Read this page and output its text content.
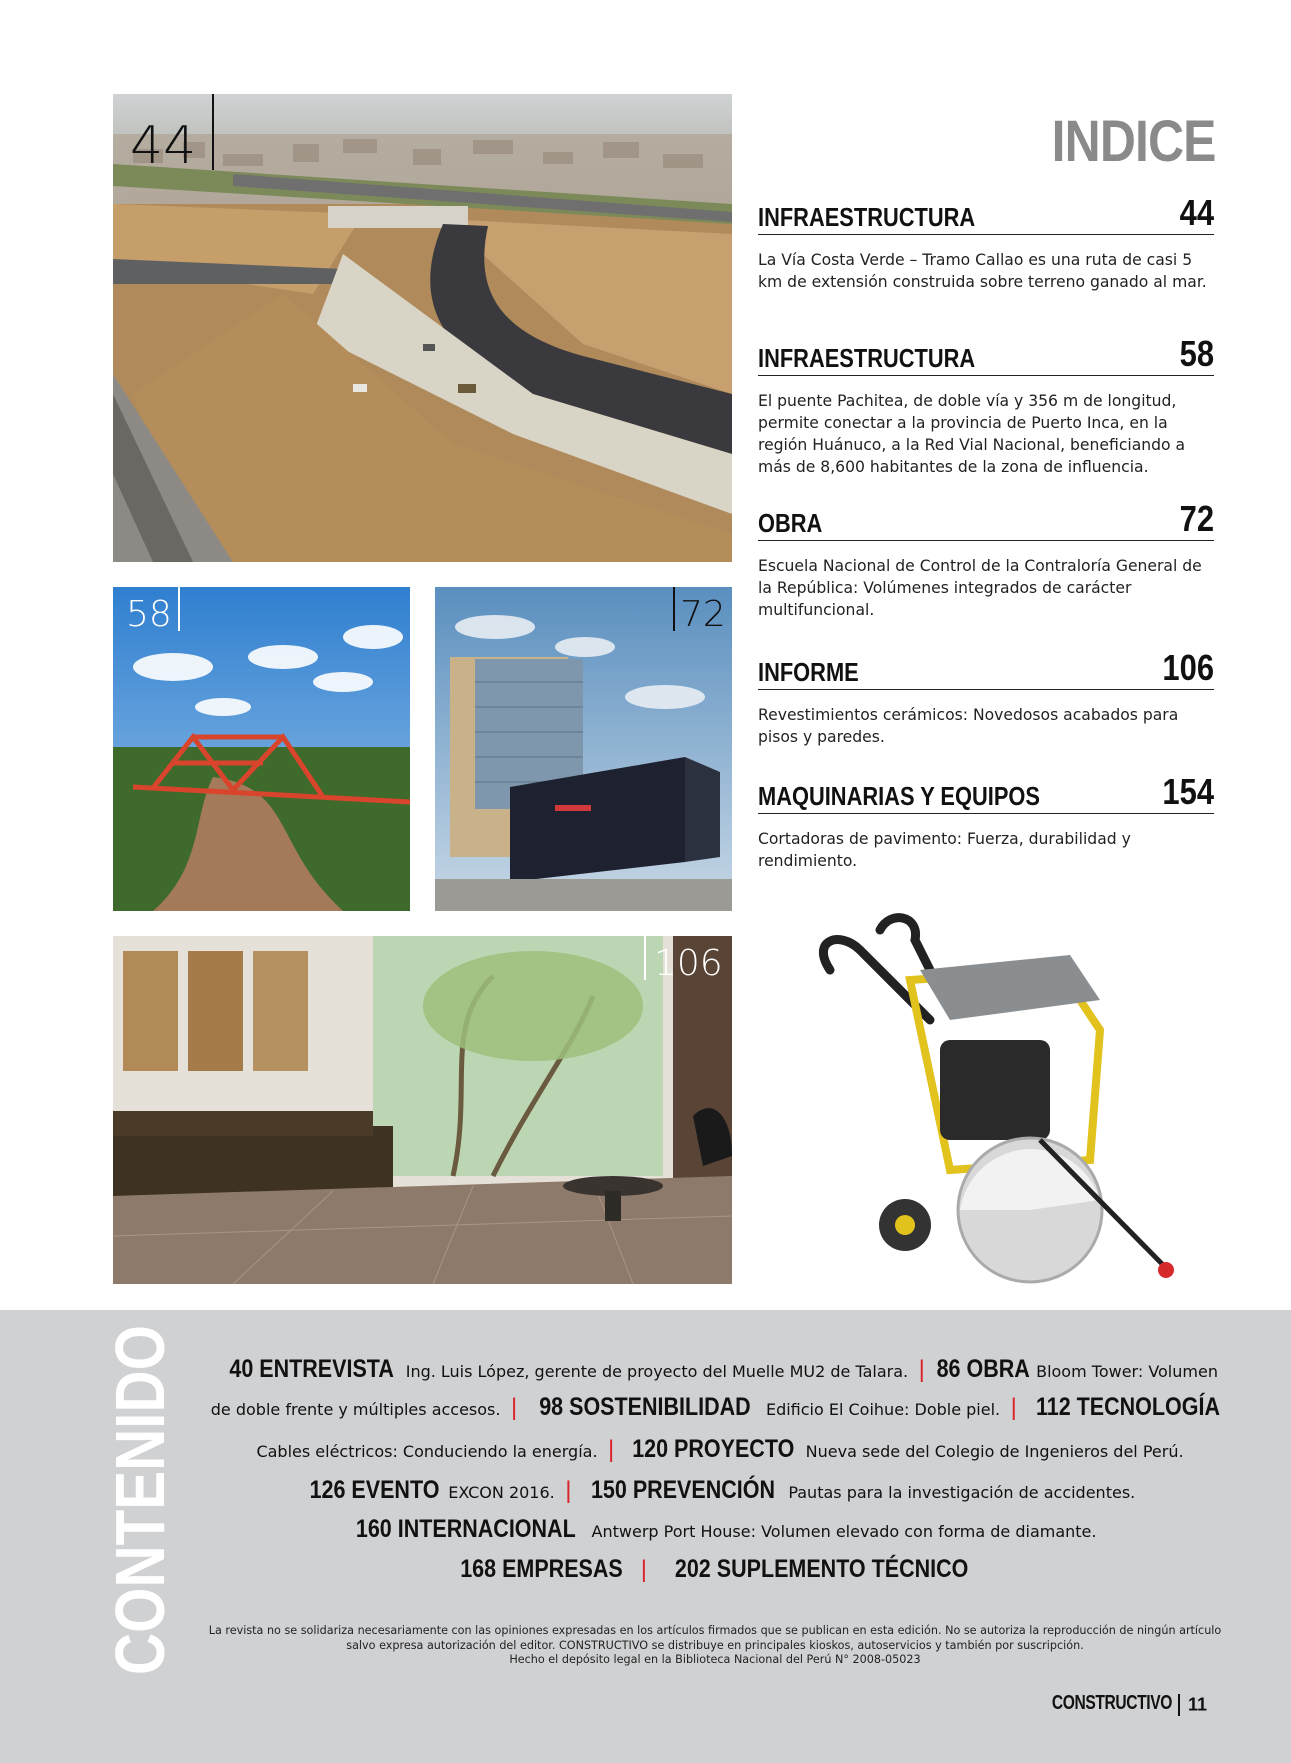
44
58	72
106
INDICE
INFRAESTRUCTURA	44
La Vía Costa Verde – Tramo Callao es una ruta de casi 5 km de extensión construida sobre terreno ganado al mar.
INFRAESTRUCTURA	58
El puente Pachitea, de doble vía y 356 m de longitud, permite conectar a la provincia de Puerto Inca, en la región Huánuco, a la Red Vial Nacional, beneficiando a más de 8,600 habitantes de la zona de influencia.
OBRA	72
Escuela Nacional de Control de la Contraloría General de la República: Volúmenes integrados de carácter multifuncional.
INFORME	106
Revestimientos cerámicos: Novedosos acabados para pisos y paredes.
MAQUINARIAS Y EQUIPOS	154
Cortadoras de pavimento: Fuerza, durabilidad y rendimiento.
CONTENIDO	40 ENTREVISTA Ing. Luis López, gerente de proyecto del Muelle MU2 de Talara. | 86 OBRA Bloom Tower: Volumen
de doble frente y múltiples accesos. | 98 SOSTENIBILIDAD Edificio El Coihue: Doble piel. | 112 TECNOLOGÍA
Cables eléctricos: Conduciendo la energía. | 120 PROYECTO Nueva sede del Colegio de Ingenieros del Perú.
126 EVENTO EXCON 2016. | 150 PREVENCIÓN Pautas para la investigación de accidentes.
160 INTERNACIONAL Antwerp Port House: Volumen elevado con forma de diamante.
168 EMPRESAS | 202 SUPLEMENTO TÉCNICO
La revista no se solidariza necesariamente con las opiniones expresadas en los artículos firmados que se publican en esta edición. No se autoriza la reproducción de ningún artículo
salvo expresa autorización del editor. CONSTRUCTIVO se distribuye en principales kioskos, autoservicios y también por suscripción.
Hecho el depósito legal en la Biblioteca Nacional del Perú N° 2008-05023
CONSTRUCTIVO 11
